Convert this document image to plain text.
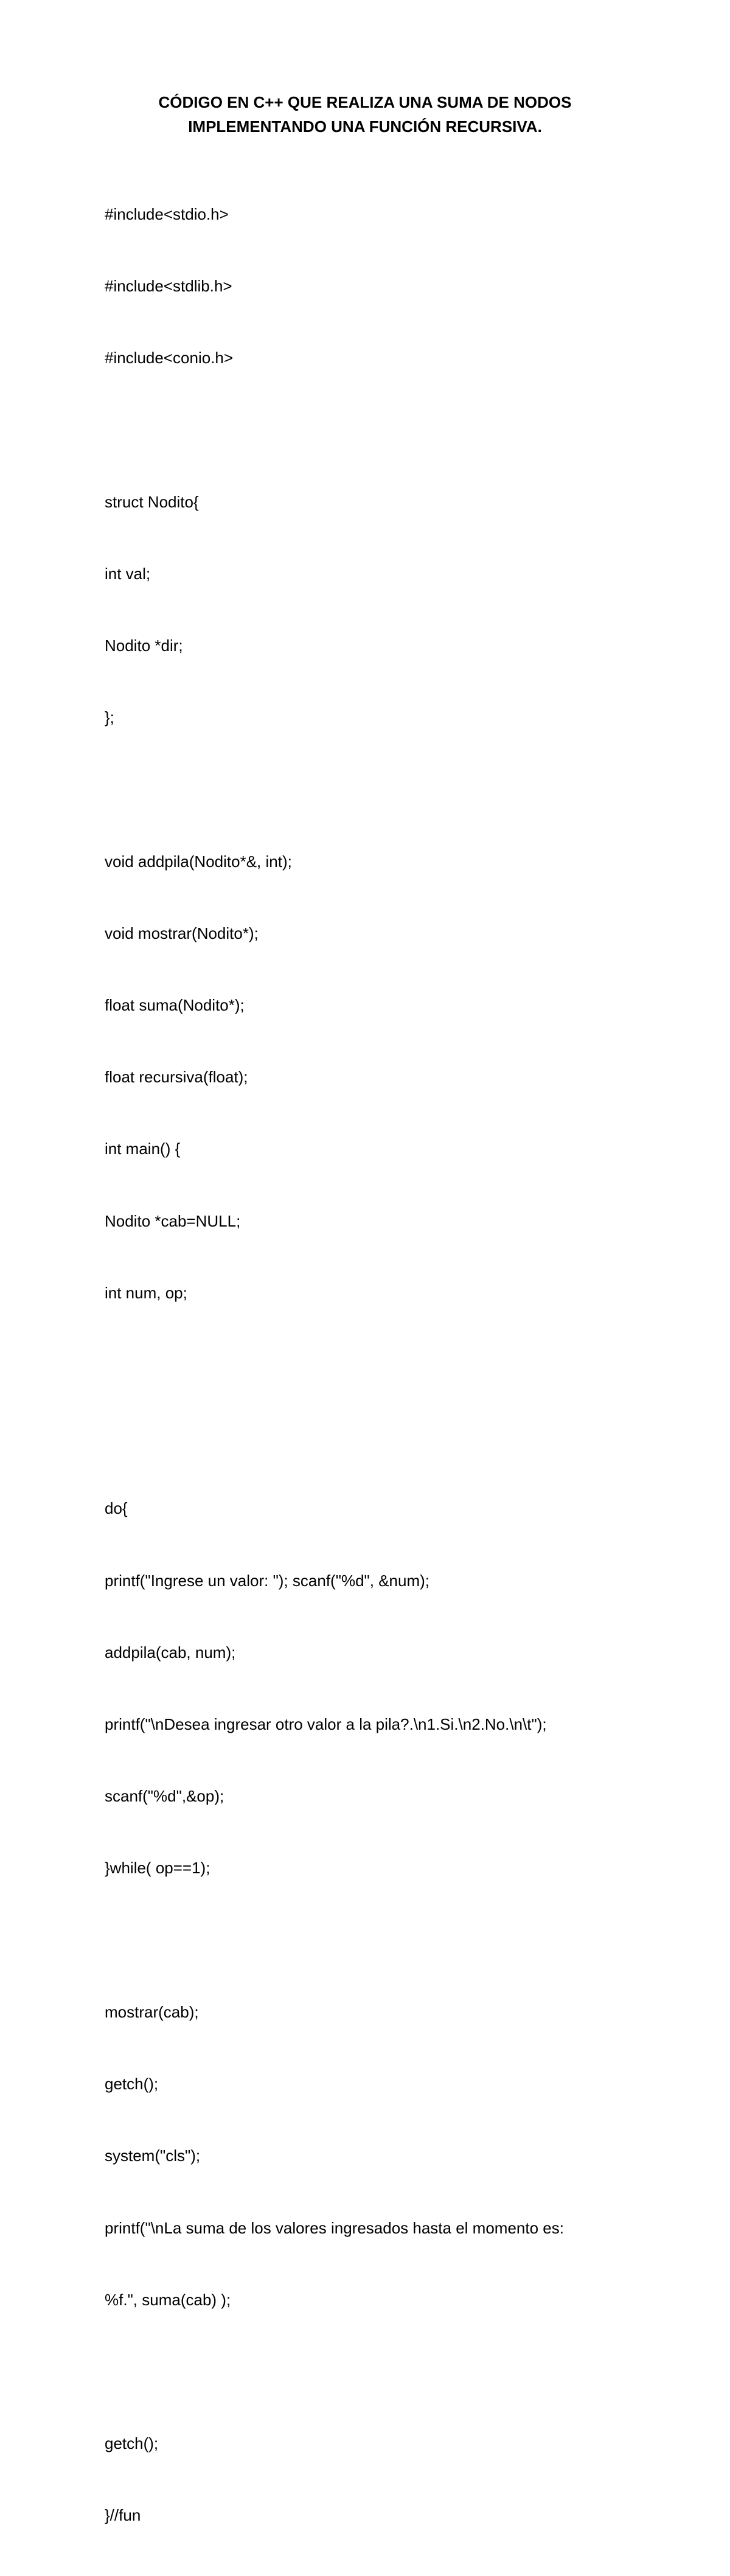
CÓDIGO EN C++ QUE REALIZA UNA SUMA DE NODOS
IMPLEMENTANDO UNA FUNCIÓN RECURSIVA.

#include<stdio.h>

#include<stdlib.h>

#include<conio.h>

struct Nodito{

int val;

Nodito *dir;

};

void addpila(Nodito*&, int);

void mostrar(Nodito*);

float suma(Nodito*);

float recursiva(float);

int main() {

Nodito *cab=NULL;

int num, op;

do{

printf("Ingrese un valor: "); scanf("%d", &num);

addpila(cab, num);

printf("\nDesea ingresar otro valor a la pila?.\n1.Si.\n2.No.\n\t");

scanf("%d",&op);

}while( op==1);

mostrar(cab);

getch();

system("cls");

printf("\nLa suma de los valores ingresados hasta el momento es:

%f.", suma(cab) );

getch();

}//fun
